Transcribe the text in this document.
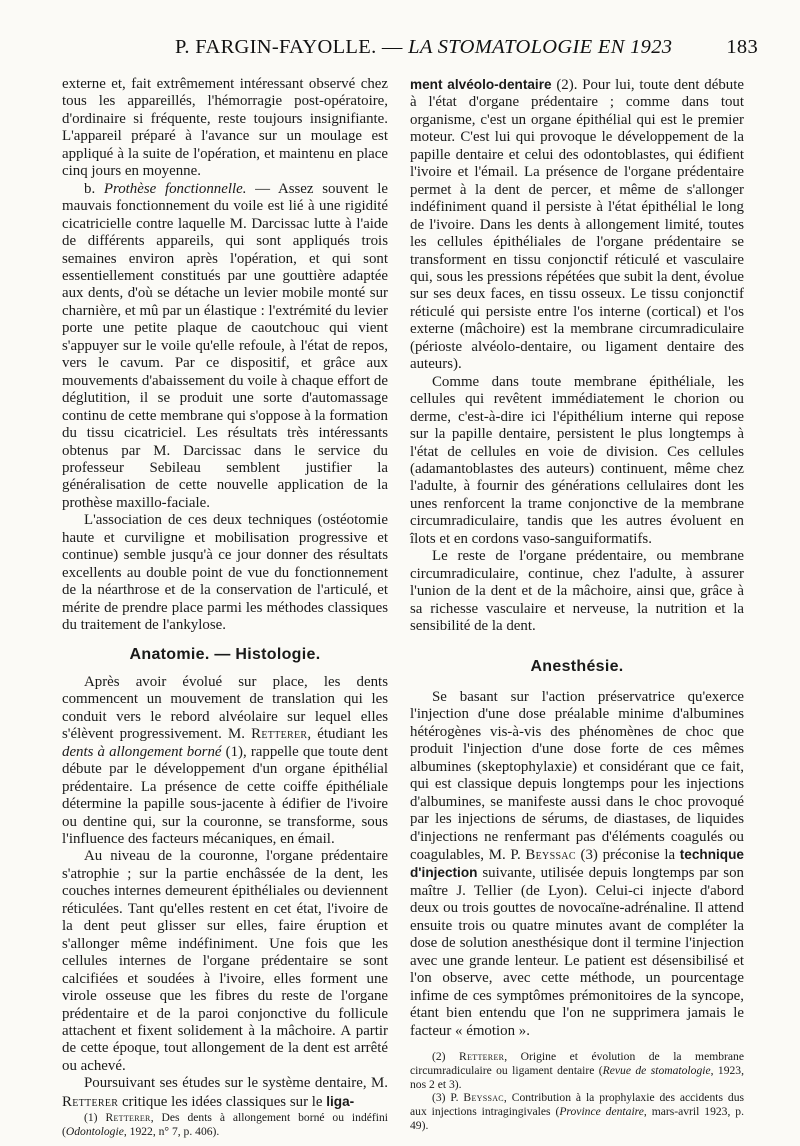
P. FARGIN-FAYOLLE. — LA STOMATOLOGIE EN 1923	183

externe et, fait extrêmement intéressant observé chez tous les appareillés, l'hémorragie post-opératoire, d'ordinaire si fréquente, reste toujours insignifiante. L'appareil préparé à l'avance sur un moulage est appliqué à la suite de l'opération, et maintenu en place cinq jours en moyenne.

b. Prothèse fonctionnelle. — Assez souvent le mauvais fonctionnement du voile est lié à une rigidité cicatricielle contre laquelle M. Darcissac lutte à l'aide de différents appareils, qui sont appliqués trois semaines environ après l'opération, et qui sont essentiellement constitués par une gouttière adaptée aux dents, d'où se détache un levier mobile monté sur charnière, et mû par un élastique : l'extrémité du levier porte une petite plaque de caoutchouc qui vient s'appuyer sur le voile qu'elle refoule, à l'état de repos, vers le cavum. Par ce dispositif, et grâce aux mouvements d'abaissement du voile à chaque effort de déglutition, il se produit une sorte d'automassage continu de cette membrane qui s'oppose à la formation du tissu cicatriciel. Les résultats très intéressants obtenus par M. Darcissac dans le service du professeur Sebileau semblent justifier la généralisation de cette nouvelle application de la prothèse maxillo-faciale.

L'association de ces deux techniques (ostéotomie haute et curviligne et mobilisation progressive et continue) semble jusqu'à ce jour donner des résultats excellents au double point de vue du fonctionnement de la néarthrose et de la conservation de l'articulé, et mérite de prendre place parmi les méthodes classiques du traitement de l'ankylose.

Anatomie. — Histologie.

Après avoir évolué sur place, les dents commencent un mouvement de translation qui les conduit vers le rebord alvéolaire sur lequel elles s'élèvent progressivement. M. Retterer, étudiant les dents à allongement borné (1), rappelle que toute dent débute par le développement d'un organe épithélial prédentaire. La présence de cette coiffe épithéliale détermine la papille sous-jacente à édifier de l'ivoire ou dentine qui, sur la couronne, se transforme, sous l'influence des facteurs mécaniques, en émail.

Au niveau de la couronne, l'organe prédentaire s'atrophie ; sur la partie enchâssée de la dent, les couches internes demeurent épithéliales ou deviennent réticulées. Tant qu'elles restent en cet état, l'ivoire de la dent peut glisser sur elles, faire éruption et s'allonger même indéfiniment. Une fois que les cellules internes de l'organe prédentaire se sont calcifiées et soudées à l'ivoire, elles forment une virole osseuse que les fibres du reste de l'organe prédentaire et de la paroi conjonctive du follicule attachent et fixent solidement à la mâchoire. A partir de cette époque, tout allongement de la dent est arrêté ou achevé.

Poursuivant ses études sur le système dentaire, M. Retterer critique les idées classiques sur le liga-

(1) Retterer, Des dents à allongement borné ou indéfini (Odontologie, 1922, n° 7, p. 406).

ment alvéolo-dentaire (2). Pour lui, toute dent débute à l'état d'organe prédentaire ; comme dans tout organisme, c'est un organe épithélial qui est le premier moteur. C'est lui qui provoque le développement de la papille dentaire et celui des odontoblastes, qui édifient l'ivoire et l'émail. La présence de l'organe prédentaire permet à la dent de percer, et même de s'allonger indéfiniment quand il persiste à l'état épithélial le long de l'ivoire. Dans les dents à allongement limité, toutes les cellules épithéliales de l'organe prédentaire se transforment en tissu conjonctif réticulé et vasculaire qui, sous les pressions répétées que subit la dent, évolue sur ses deux faces, en tissu osseux. Le tissu conjonctif réticulé qui persiste entre l'os interne (cortical) et l'os externe (mâchoire) est la membrane circumradiculaire (périoste alvéolo-dentaire, ou ligament dentaire des auteurs).

Comme dans toute membrane épithéliale, les cellules qui revêtent immédiatement le chorion ou derme, c'est-à-dire ici l'épithélium interne qui repose sur la papille dentaire, persistent le plus longtemps à l'état de cellules en voie de division. Ces cellules (adamantoblastes des auteurs) continuent, même chez l'adulte, à fournir des générations cellulaires dont les unes renforcent la trame conjonctive de la membrane circumradiculaire, tandis que les autres évoluent en îlots et en cordons vaso-sanguiformatifs.

Le reste de l'organe prédentaire, ou membrane circumradiculaire, continue, chez l'adulte, à assurer l'union de la dent et de la mâchoire, ainsi que, grâce à sa richesse vasculaire et nerveuse, la nutrition et la sensibilité de la dent.

Anesthésie.

Se basant sur l'action préservatrice qu'exerce l'injection d'une dose préalable minime d'albumines hétérogènes vis-à-vis des phénomènes de choc que produit l'injection d'une dose forte de ces mêmes albumines (skeptophylaxie) et considérant que ce fait, qui est classique depuis longtemps pour les injections d'albumines, se manifeste aussi dans le choc provoqué par les injections de sérums, de diastases, de liquides d'injections ne renfermant pas d'éléments coagulés ou coagulables, M. P. Beyssac (3) préconise la technique d'injection suivante, utilisée depuis longtemps par son maître J. Tellier (de Lyon). Celui-ci injecte d'abord deux ou trois gouttes de novocaïne-adrénaline. Il attend ensuite trois ou quatre minutes avant de compléter la dose de solution anesthésique dont il termine l'injection avec une grande lenteur. Le patient est désensibilisé et l'on observe, avec cette méthode, un pourcentage infime de ces symptômes prémonitoires de la syncope, étant bien entendu que l'on ne supprimera jamais le facteur « émotion ».

(2) Retterer, Origine et évolution de la membrane circumradiculaire ou ligament dentaire (Revue de stomatologie, 1923, nos 2 et 3).

(3) P. Beyssac, Contribution à la prophylaxie des accidents dus aux injections intragingivales (Province dentaire, mars-avril 1923, p. 49).
